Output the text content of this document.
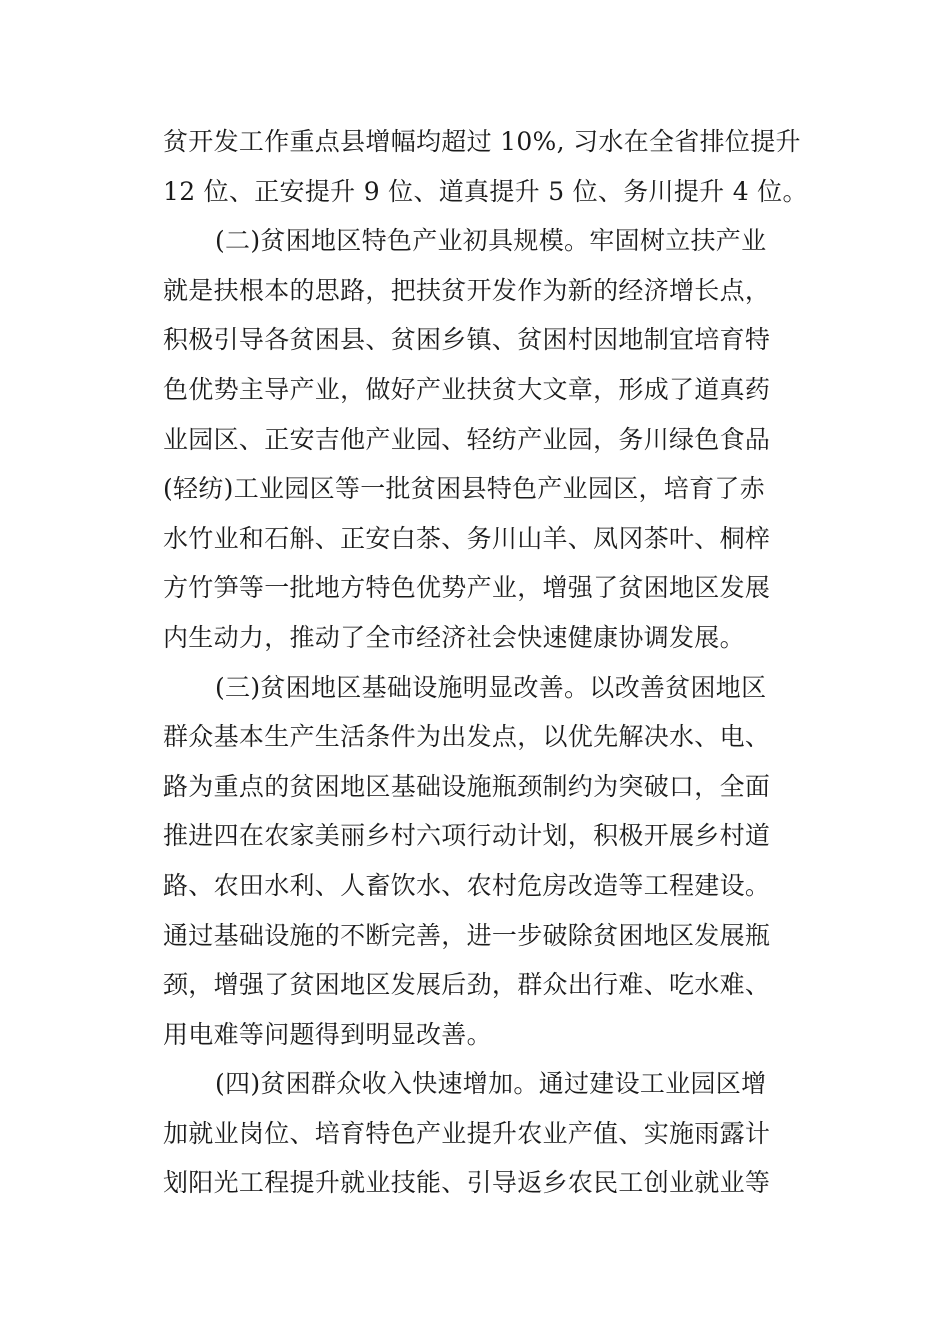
贫开发工作重点县增幅均超过 10%, 习水在全省排位提升
12 位、正安提升 9 位、道真提升 5 位、务川提升 4 位。
(二)贫困地区特色产业初具规模。牢固树立扶产业
就是扶根本的思路，把扶贫开发作为新的经济增长点，
积极引导各贫困县、贫困乡镇、贫困村因地制宜培育特
色优势主导产业，做好产业扶贫大文章，形成了道真药
业园区、正安吉他产业园、轻纺产业园，务川绿色食品
(轻纺)工业园区等一批贫困县特色产业园区，培育了赤
水竹业和石斛、正安白茶、务川山羊、凤冈茶叶、桐梓
方竹笋等一批地方特色优势产业，增强了贫困地区发展
内生动力，推动了全市经济社会快速健康协调发展。
(三)贫困地区基础设施明显改善。以改善贫困地区
群众基本生产生活条件为出发点，以优先解决水、电、
路为重点的贫困地区基础设施瓶颈制约为突破口，全面
推进四在农家美丽乡村六项行动计划，积极开展乡村道
路、农田水利、人畜饮水、农村危房改造等工程建设。
通过基础设施的不断完善，进一步破除贫困地区发展瓶
颈，增强了贫困地区发展后劲，群众出行难、吃水难、
用电难等问题得到明显改善。
(四)贫困群众收入快速增加。通过建设工业园区增
加就业岗位、培育特色产业提升农业产值、实施雨露计
划阳光工程提升就业技能、引导返乡农民工创业就业等
